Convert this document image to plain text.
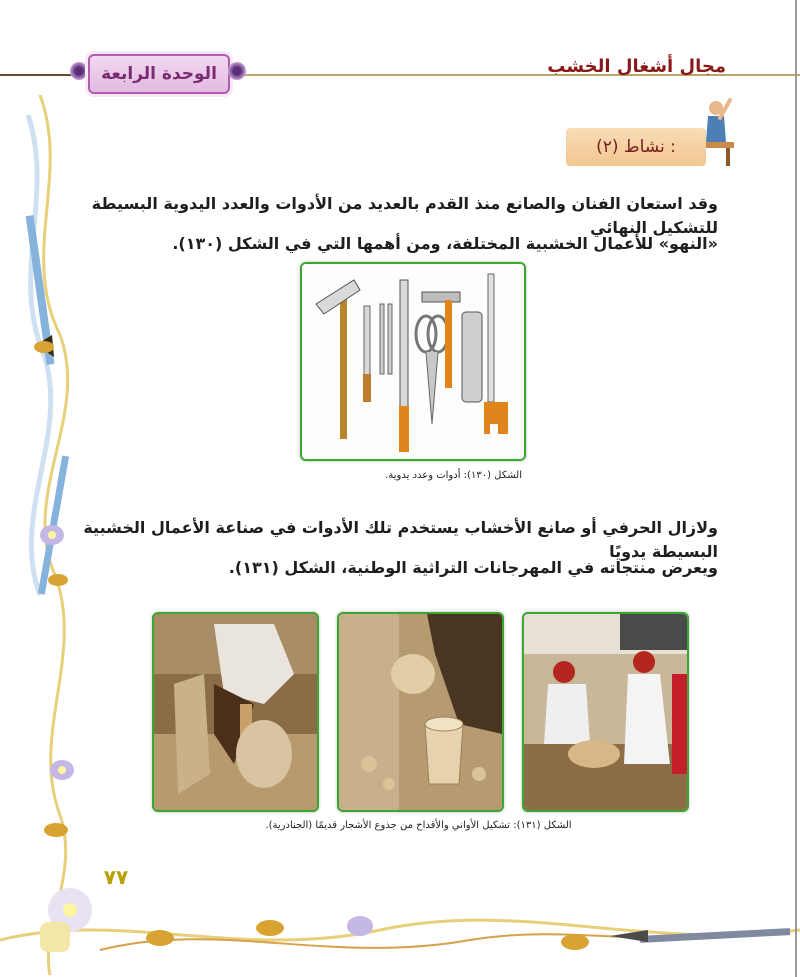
الوحدة الرابعة	مجال أشغال الخشب
نشاط (٢) :

وقد استعان الفنان والصانع منذ القدم بالعديد من الأدوات والعدد اليدوية البسيطة للتشكيل النهائي

«النهو» للأعمال الخشبية المختلفة، ومن أهمها التي في الشكل (١٣٠).

الشكل (١٣٠): أدوات وعدد يدوية.

ولازال الحرفي أو صانع الأخشاب يستخدم تلك الأدوات في صناعة الأعمال الخشبية البسيطة يدويًا

ويعرض منتجاته في المهرجانات التراثية الوطنية، الشكل (١٣١).

الشكل (١٣١): تشكيل الأواني والأقداح من جذوع الأشجار قديمًا (الجنادرية).
٧٧
